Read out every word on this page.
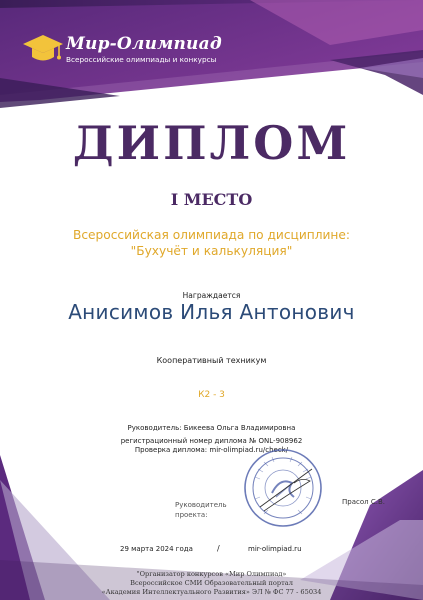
Мир-Олимпиад
Всероссийские олимпиады и конкурсы
ДИПЛОМ
I МЕСТО
Всероссийская олимпиада по дисциплине:
"Бухучёт и калькуляция"
Награждается
Анисимов Илья Антонович
Кооперативный техникум
К2 - 3
Руководитель: Бикеева Ольга Владимировна
регистрационный номер диплома № ONL-908962
Проверка диплома: mir-olimpiad.ru/check/
Руководитель
проекта:
Прасол С.В.
29 марта 2024 года	/	mir-olimpiad.ru
"Организатор конкурсов «Мир Олимпиад»
Всероссийское СМИ Образовательный портал
«Академия Интеллектуального Развития» ЭЛ № ФС 77 - 65034
